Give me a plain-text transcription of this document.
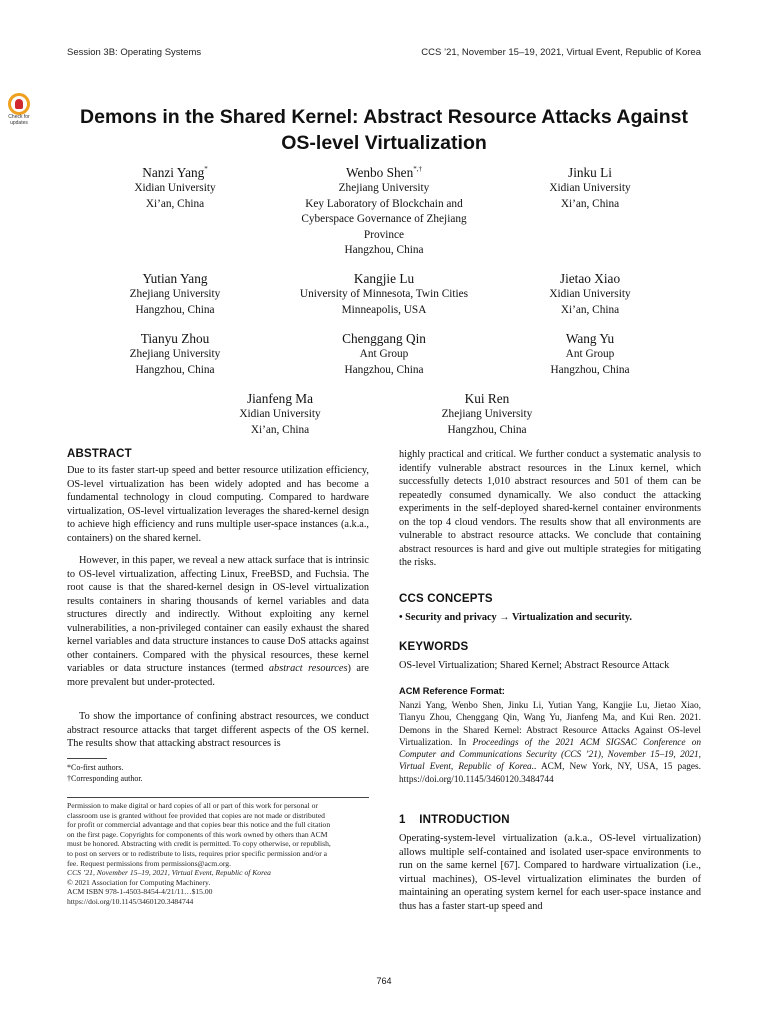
Session 3B: Operating Systems	CCS ’21, November 15–19, 2021, Virtual Event, Republic of Korea
Check for
updates	Demons in the Shared Kernel: Abstract Resource Attacks Against
OS-level Virtualization
Nanzi Yang*
Xidian University
Xi’an, China
Wenbo Shen*,†
Zhejiang University
Key Laboratory of Blockchain and
Cyberspace Governance of Zhejiang
Province
Hangzhou, China
Jinku Li
Xidian University
Xi’an, China
Yutian Yang
Zhejiang University
Hangzhou, China
Kangjie Lu
University of Minnesota, Twin Cities
Minneapolis, USA
Jietao Xiao
Xidian University
Xi’an, China
Tianyu Zhou
Zhejiang University
Hangzhou, China
Chenggang Qin
Ant Group
Hangzhou, China
Wang Yu
Ant Group
Hangzhou, China
Jianfeng Ma
Xidian University
Xi’an, China
Kui Ren
Zhejiang University
Hangzhou, China
ABSTRACT
Due to its faster start-up speed and better resource utilization efficiency, OS-level virtualization has been widely adopted and has become a fundamental technology in cloud computing. Compared to hardware virtualization, OS-level virtualization leverages the shared-kernel design to achieve high efficiency and runs multiple user-space instances (a.k.a., containers) on the shared kernel.
However, in this paper, we reveal a new attack surface that is intrinsic to OS-level virtualization, affecting Linux, FreeBSD, and Fuchsia. The root cause is that the shared-kernel design in OS-level virtualization results containers in sharing thousands of kernel variables and data structures directly and indirectly. Without exploiting any kernel vulnerabilities, a non-privileged container can easily exhaust the shared kernel variables and data structure instances to cause DoS attacks against other containers. Compared with the physical resources, these kernel variables or data structure instances (termed abstract resources) are more prevalent but under-protected.
To show the importance of confining abstract resources, we conduct abstract resource attacks that target different aspects of the OS kernel. The results show that attacking abstract resources is
*Co-first authors.
†Corresponding author.
Permission to make digital or hard copies of all or part of this work for personal or
classroom use is granted without fee provided that copies are not made or distributed
for profit or commercial advantage and that copies bear this notice and the full citation
on the first page. Copyrights for components of this work owned by others than ACM
must be honored. Abstracting with credit is permitted. To copy otherwise, or republish,
to post on servers or to redistribute to lists, requires prior specific permission and/or a
fee. Request permissions from permissions@acm.org.
CCS ’21, November 15–19, 2021, Virtual Event, Republic of Korea
© 2021 Association for Computing Machinery.
ACM ISBN 978-1-4503-8454-4/21/11…$15.00
https://doi.org/10.1145/3460120.3484744
highly practical and critical. We further conduct a systematic analysis to identify vulnerable abstract resources in the Linux kernel, which successfully detects 1,010 abstract resources and 501 of them can be repeatedly consumed dynamically. We also conduct the attacking experiments in the self-deployed shared-kernel container environments on the top 4 cloud vendors. The results show that all environments are vulnerable to abstract resource attacks. We conclude that containing abstract resources is hard and give out multiple strategies for mitigating the risks.
CCS CONCEPTS
• Security and privacy → Virtualization and security.
KEYWORDS
OS-level Virtualization; Shared Kernel; Abstract Resource Attack
ACM Reference Format:
Nanzi Yang, Wenbo Shen, Jinku Li, Yutian Yang, Kangjie Lu, Jietao Xiao, Tianyu Zhou, Chenggang Qin, Wang Yu, Jianfeng Ma, and Kui Ren. 2021. Demons in the Shared Kernel: Abstract Resource Attacks Against OS-level Virtualization. In Proceedings of the 2021 ACM SIGSAC Conference on Computer and Communications Security (CCS ’21), November 15–19, 2021, Virtual Event, Republic of Korea.. ACM, New York, NY, USA, 15 pages. https://doi.org/10.1145/3460120.3484744
1 INTRODUCTION
Operating-system-level virtualization (a.k.a., OS-level virtualization) allows multiple self-contained and isolated user-space environments to run on the same kernel [67]. Compared to hardware virtualization (i.e., virtual machines), OS-level virtualization eliminates the burden of maintaining an operating system kernel for each user-space instance and thus has a faster start-up speed and
764
